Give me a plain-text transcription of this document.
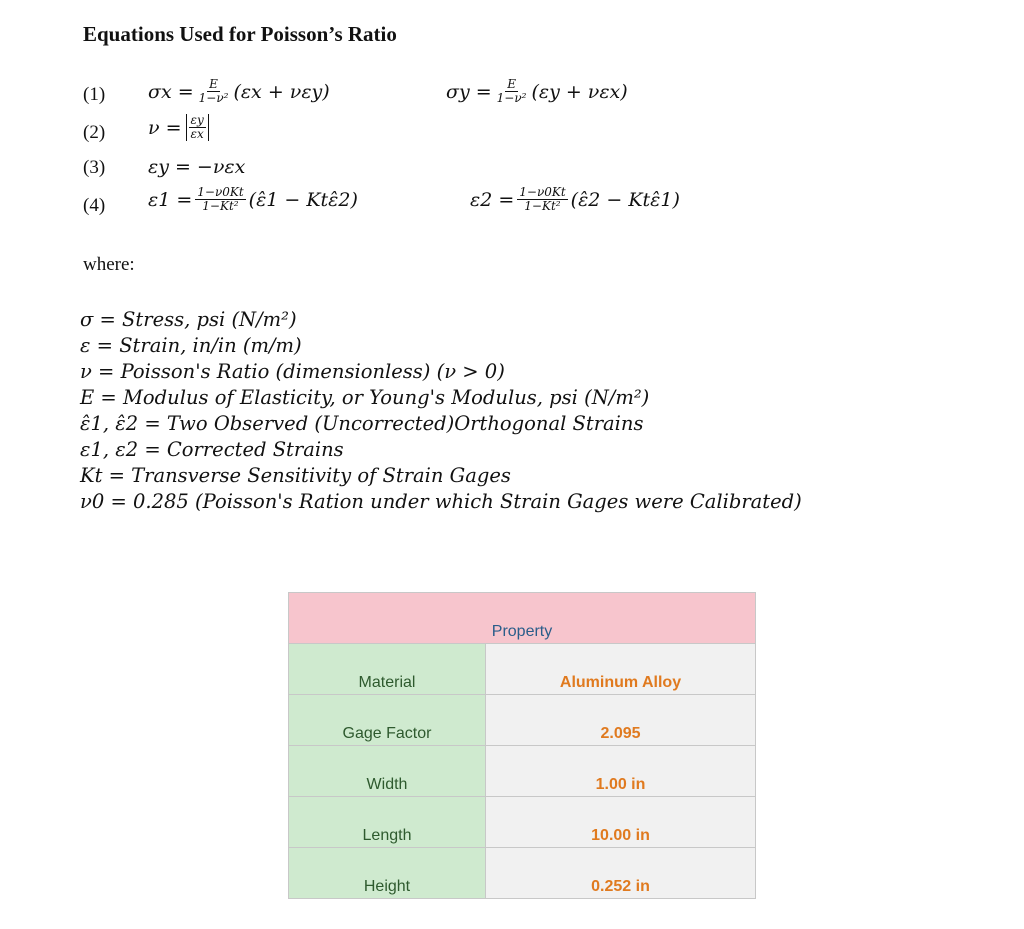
Equations Used for Poisson’s Ratio
(1)
(2)
(3)
(4)
$\sigma x = \frac{E}{\text{1−ν²}} (\varepsilon x + \nu\varepsilon y)$	$\sigma y = \frac{E}{\text{1−ν²}} (\varepsilon y + \nu\varepsilon x)$
$\nu = \frac{\varepsilon y}{\varepsilon x}$
εy = −νεx
$\varepsilon 1 = \frac{1-\nu 0Kt}{\text{1−Kt²}}$ (ε̂1 − Ktε̂2)	$\varepsilon 2 = \frac{1-\nu 0Kt}{\text{1−Kt²}}$ (ε̂2 − Ktε̂1)
where:
σ = Stress, psi (N/m²)
ε = Strain, in/in (m/m)
ν = Poisson's Ratio (dimensionless) (ν > 0)
E = Modulus of Elasticity, or Young's Modulus, psi (N/m²)
ε̂1, ε̂2 = Two Observed (Uncorrected)Orthogonal Strains
ε1, ε2 = Corrected Strains
Kt = Transverse Sensitivity of Strain Gages
ν0 = 0.285 (Poisson's Ration under which Strain Gages were Calibrated)
Property	
Material	Aluminum Alloy
Gage Factor	2.095
Width	1.00 in
Length	10.00 in
Height	0.252 in
